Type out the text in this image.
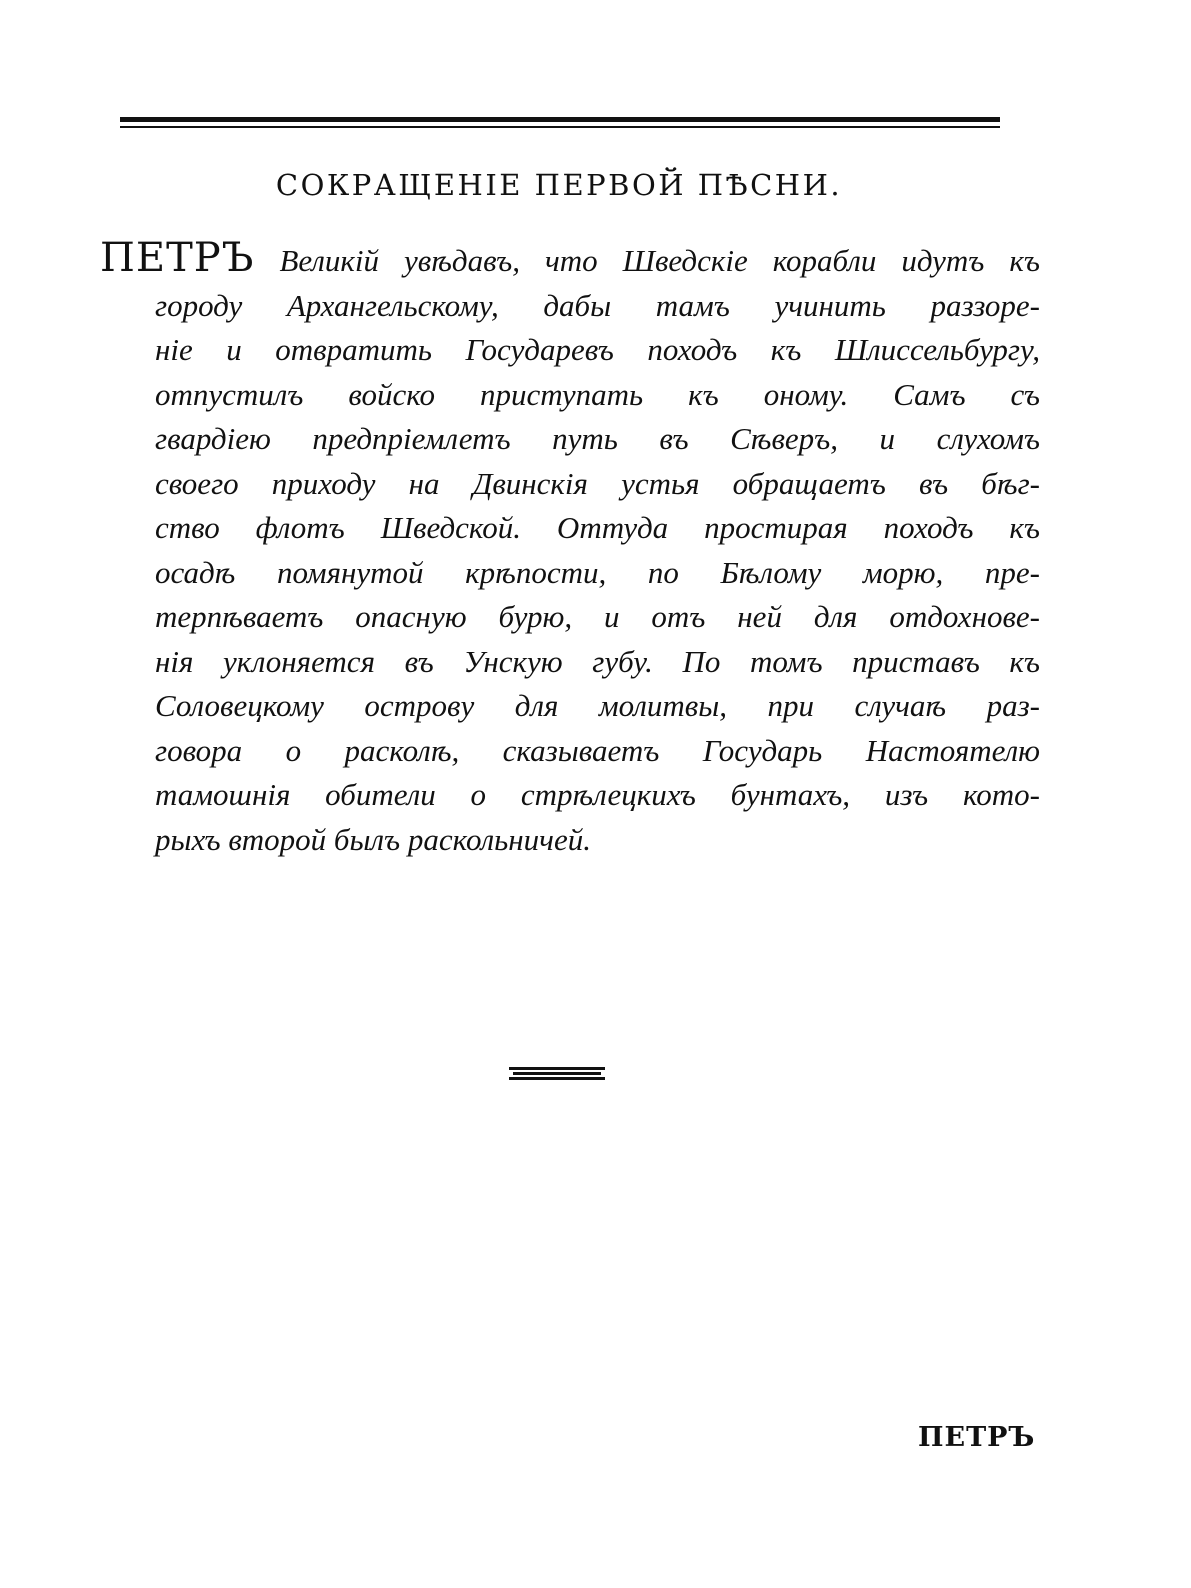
СОКРАЩЕНІЕ ПЕРВОЙ ПѢСНИ.
ПЕТРЪ Великій увѣдавъ, что Шведскіе корабли идутъ къ
городу Архангельскому, дабы тамъ учинить раззоре-
ніе и отвратить Государевъ походъ къ Шлиссельбургу,
отпустилъ войско приступать къ оному. Самъ съ
гвардіею предпріемлетъ путь въ Сѣверъ, и слухомъ
своего приходу на Двинскія устья обращаетъ въ бѣг-
ство флотъ Шведской. Оттуда простирая походъ къ
осадѣ помянутой крѣпости, по Бѣлому морю, пре-
терпѣваетъ опасную бурю, и отъ ней для отдохнове-
нія уклоняется въ Унскую губу. По томъ приставъ къ
Соловецкому острову для молитвы, при случаѣ раз-
говора о расколѣ, сказываетъ Государь Настоятелю
тамошнія обители о стрѣлецкихъ бунтахъ, изъ кото-
рыхъ второй былъ раскольничей.
ПЕТРЪ
